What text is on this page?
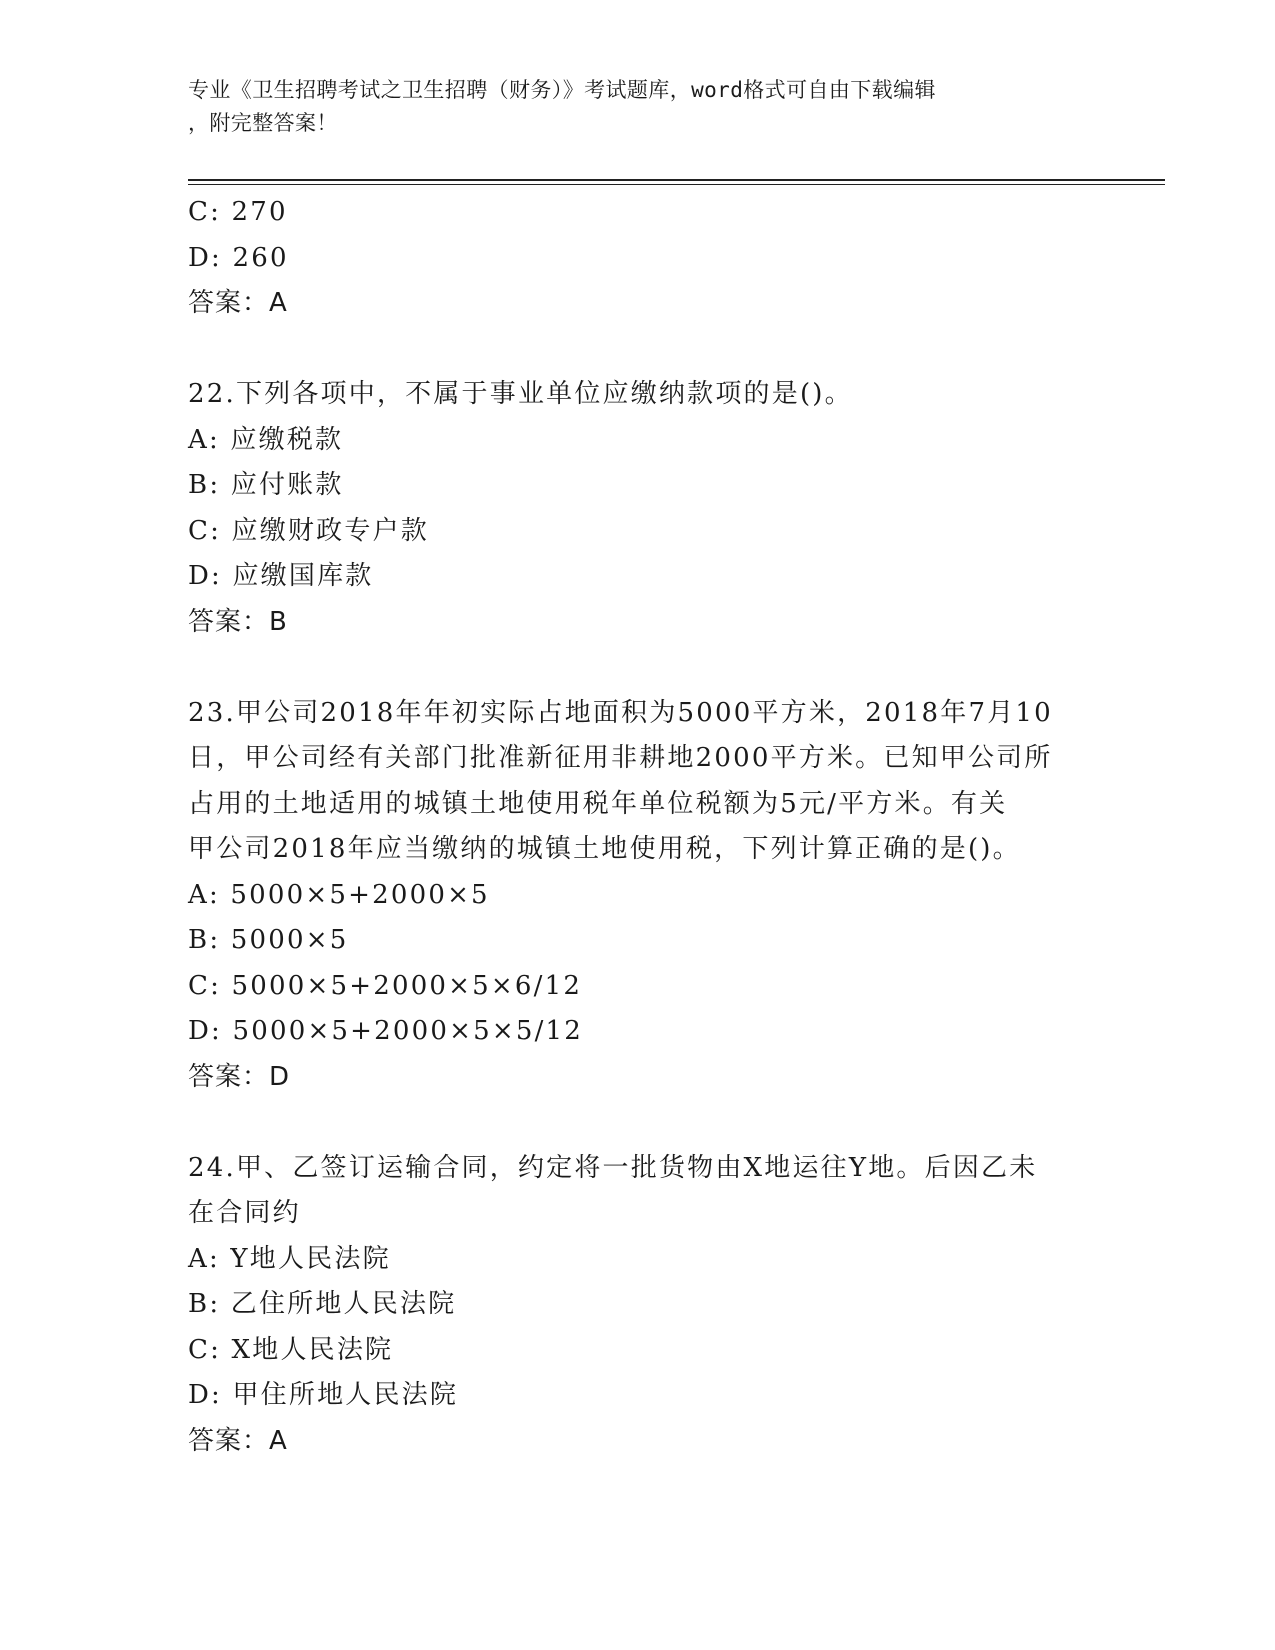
专业《卫生招聘考试之卫生招聘（财务）》考试题库，word格式可自由下载编辑
，附完整答案！
C: 270
D: 260
答案：A
22.下列各项中，不属于事业单位应缴纳款项的是()。
A: 应缴税款
B: 应付账款
C: 应缴财政专户款
D: 应缴国库款
答案：B
23.甲公司2018年年初实际占地面积为5000平方米，2018年7月10
日，甲公司经有关部门批准新征用非耕地2000平方米。已知甲公司所
占用的土地适用的城镇土地使用税年单位税额为5元/平方米。有关
甲公司2018年应当缴纳的城镇土地使用税，下列计算正确的是()。
A: 5000×5+2000×5
B: 5000×5
C: 5000×5+2000×5×6/12
D: 5000×5+2000×5×5/12
答案：D
24.甲、乙签订运输合同，约定将一批货物由X地运往Y地。后因乙未
在合同约
A: Y地人民法院
B: 乙住所地人民法院
C: X地人民法院
D: 甲住所地人民法院
答案：A
